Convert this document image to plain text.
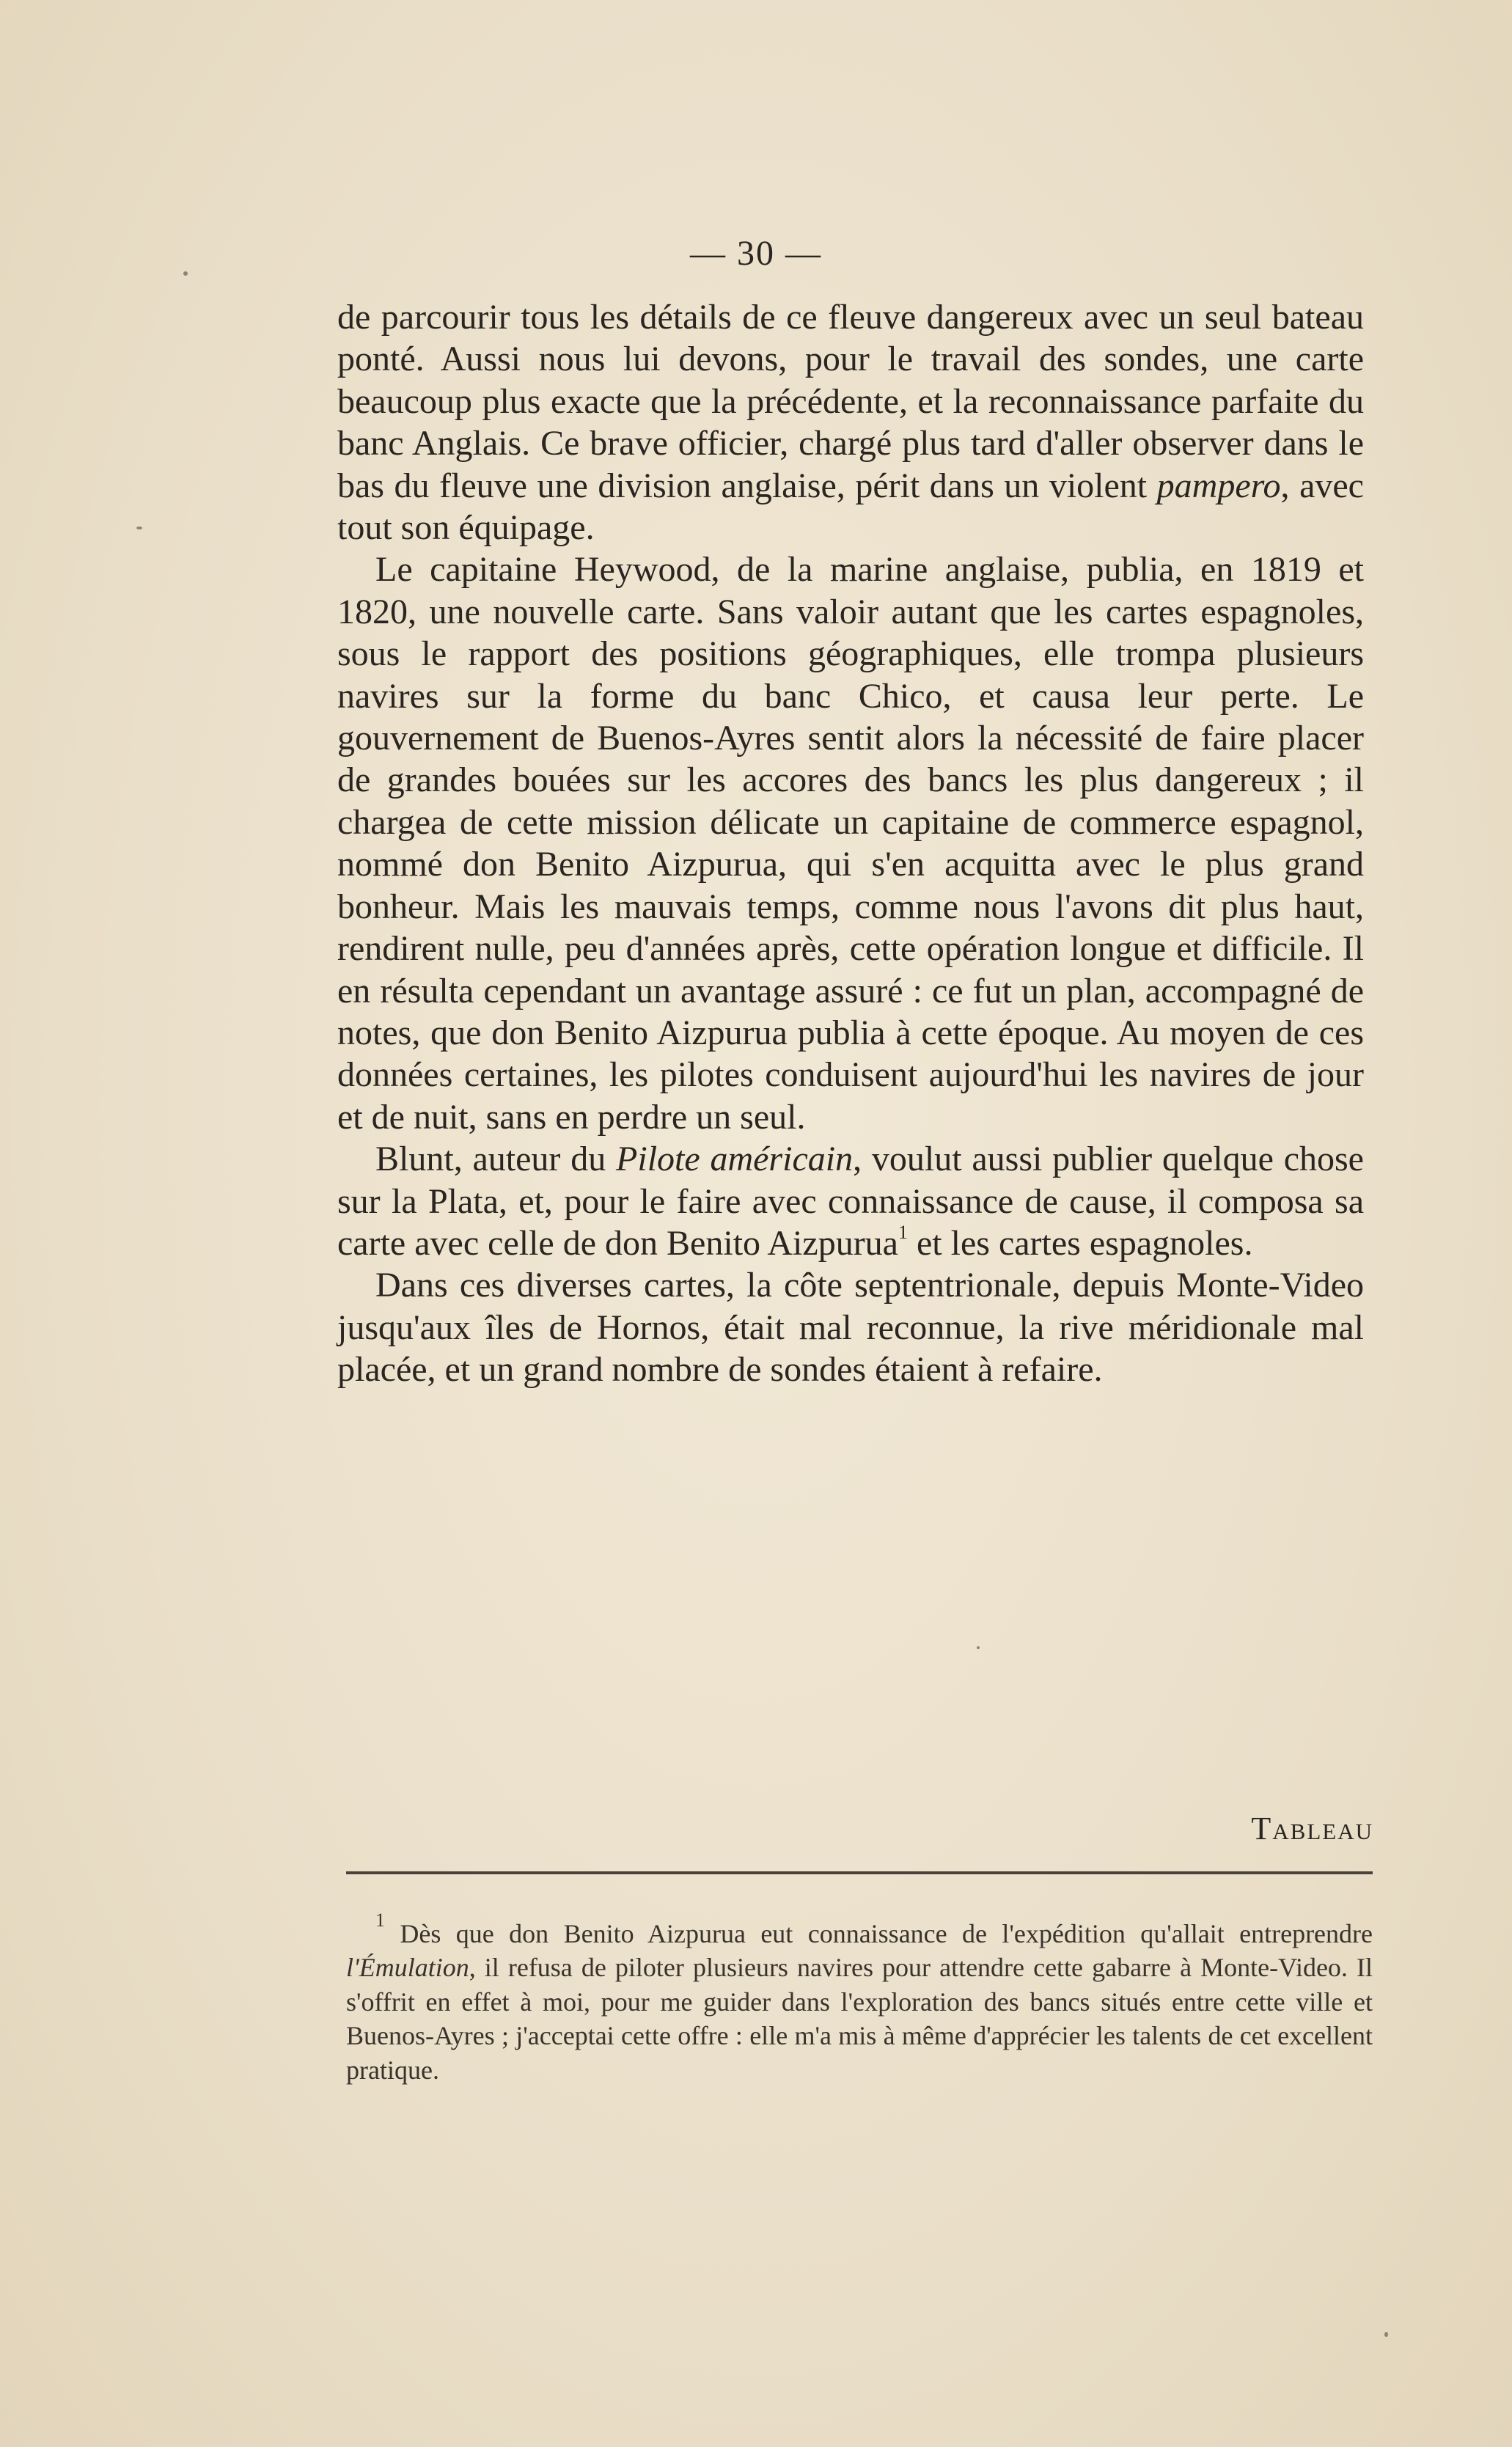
— 30 —

de parcourir tous les détails de ce fleuve dangereux avec un seul bateau ponté. Aussi nous lui devons, pour le travail des sondes, une carte beaucoup plus exacte que la précédente, et la reconnaissance parfaite du banc Anglais. Ce brave officier, chargé plus tard d'aller observer dans le bas du fleuve une division anglaise, périt dans un violent pampero, avec tout son équipage.

Le capitaine Heywood, de la marine anglaise, publia, en 1819 et 1820, une nouvelle carte. Sans valoir autant que les cartes espagnoles, sous le rapport des positions géographiques, elle trompa plusieurs navires sur la forme du banc Chico, et causa leur perte. Le gouvernement de Buenos-Ayres sentit alors la nécessité de faire placer de grandes bouées sur les accores des bancs les plus dangereux ; il chargea de cette mission délicate un capitaine de commerce espagnol, nommé don Benito Aizpurua, qui s'en acquitta avec le plus grand bonheur. Mais les mauvais temps, comme nous l'avons dit plus haut, rendirent nulle, peu d'années après, cette opération longue et difficile. Il en résulta cependant un avantage assuré : ce fut un plan, accompagné de notes, que don Benito Aizpurua publia à cette époque. Au moyen de ces données certaines, les pilotes conduisent aujourd'hui les navires de jour et de nuit, sans en perdre un seul.

Blunt, auteur du Pilote américain, voulut aussi publier quelque chose sur la Plata, et, pour le faire avec connaissance de cause, il composa sa carte avec celle de don Benito Aizpurua$^1$ et les cartes espagnoles.

Dans ces diverses cartes, la côte septentrionale, depuis Monte-Video jusqu'aux îles de Hornos, était mal reconnue, la rive méridionale mal placée, et un grand nombre de sondes étaient à refaire.

Tableau

$^1$ Dès que don Benito Aizpurua eut connaissance de l'expédition qu'allait entreprendre l'Émulation, il refusa de piloter plusieurs navires pour attendre cette gabarre à Monte-Video. Il s'offrit en effet à moi, pour me guider dans l'exploration des bancs situés entre cette ville et Buenos-Ayres ; j'acceptai cette offre : elle m'a mis à même d'apprécier les talents de cet excellent pratique.
